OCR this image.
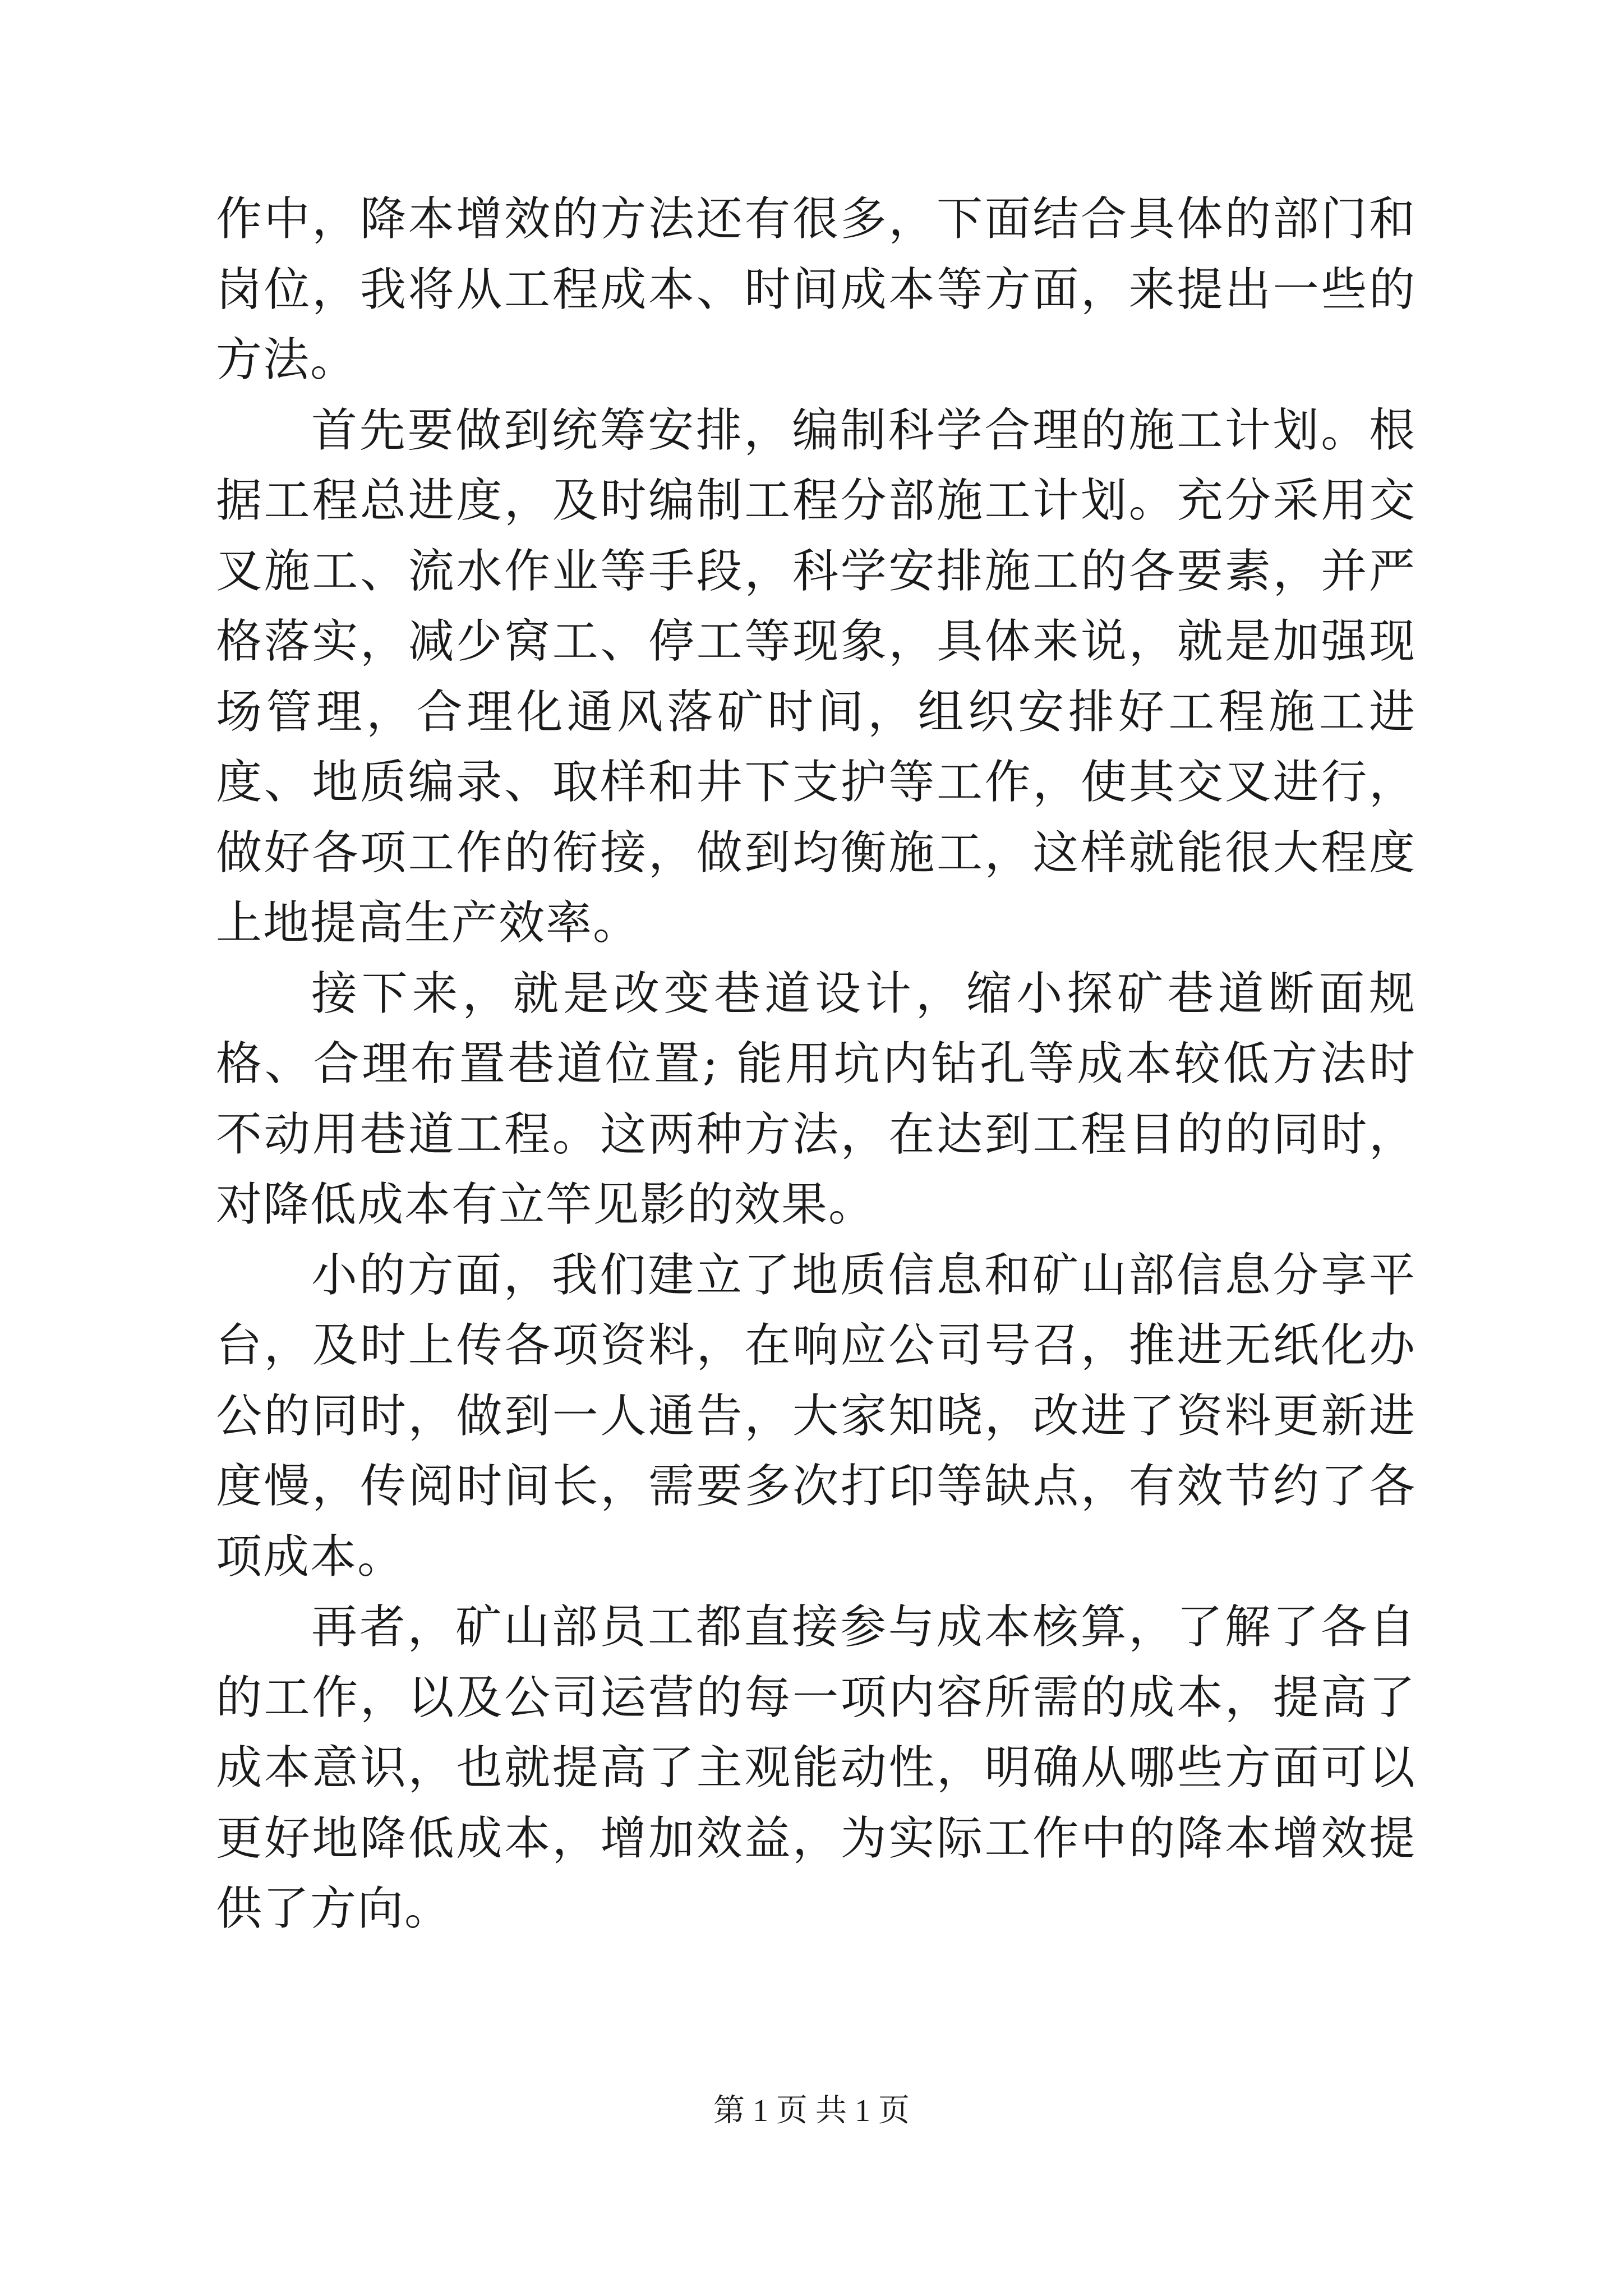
作中，降本增效的方法还有很多，下面结合具体的部门和岗位，我将从工程成本、时间成本等方面，来提出一些的方法。

首先要做到统筹安排，编制科学合理的施工计划。根据工程总进度，及时编制工程分部施工计划。充分采用交叉施工、流水作业等手段，科学安排施工的各要素，并严格落实，减少窝工、停工等现象，具体来说，就是加强现场管理，合理化通风落矿时间，组织安排好工程施工进度、地质编录、取样和井下支护等工作，使其交叉进行，做好各项工作的衔接，做到均衡施工，这样就能很大程度上地提高生产效率。

接下来，就是改变巷道设计，缩小探矿巷道断面规格、合理布置巷道位置; 能用坑内钻孔等成本较低方法时不动用巷道工程。这两种方法，在达到工程目的的同时，对降低成本有立竿见影的效果。

小的方面，我们建立了地质信息和矿山部信息分享平台，及时上传各项资料，在响应公司号召，推进无纸化办公的同时，做到一人通告，大家知晓，改进了资料更新进度慢，传阅时间长，需要多次打印等缺点，有效节约了各项成本。

再者，矿山部员工都直接参与成本核算，了解了各自的工作，以及公司运营的每一项内容所需的成本，提高了成本意识，也就提高了主观能动性，明确从哪些方面可以更好地降低成本，增加效益，为实际工作中的降本增效提供了方向。

第 1 页 共 1 页
